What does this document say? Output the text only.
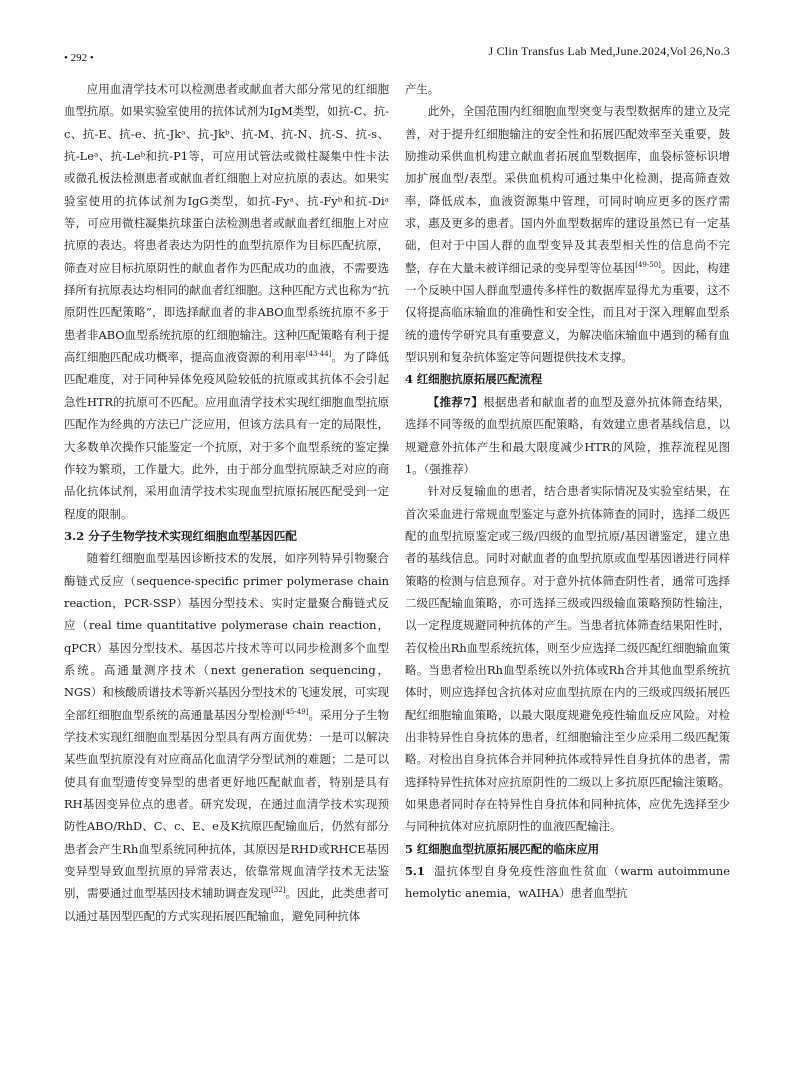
• 292 •	J Clin Transfus Lab Med,June.2024,Vol 26,No.3

应用血清学技术可以检测患者或献血者大部分常见的红细胞血型抗原。如果实验室使用的抗体试剂为IgM类型，如抗-C、抗-c、抗-E、抗-e、抗-Jkᵃ、抗-Jkᵇ、抗-M、抗-N、抗-S、抗-s、抗-Leᵃ、抗-Leᵇ和抗-P1等，可应用试管法或微柱凝集中性卡法或微孔板法检测患者或献血者红细胞上对应抗原的表达。如果实验室使用的抗体试剂为IgG类型，如抗-Fyᵃ、抗-Fyᵇ和抗-Diᵃ等，可应用微柱凝集抗球蛋白法检测患者或献血者红细胞上对应抗原的表达。将患者表达为阴性的血型抗原作为目标匹配抗原，筛查对应目标抗原阴性的献血者作为匹配成功的血液，不需要选择所有抗原表达均相同的献血者红细胞。这种匹配方式也称为“抗原阴性匹配策略”，即选择献血者的非ABO血型系统抗原不多于患者非ABO血型系统抗原的红细胞输注。这种匹配策略有利于提高红细胞匹配成功概率，提高血液资源的利用率[43-44]。为了降低匹配难度，对于同种异体免疫风险较低的抗原或其抗体不会引起急性HTR的抗原可不匹配。应用血清学技术实现红细胞血型抗原匹配作为经典的方法已广泛应用，但该方法具有一定的局限性，大多数单次操作只能鉴定一个抗原，对于多个血型系统的鉴定操作较为繁琐，工作量大。此外，由于部分血型抗原缺乏对应的商品化抗体试剂，采用血清学技术实现血型抗原拓展匹配受到一定程度的限制。

3.2 分子生物学技术实现红细胞血型基因匹配

随着红细胞血型基因诊断技术的发展，如序列特异引物聚合酶链式反应（sequence-specific primer polymerase chain reaction，PCR-SSP）基因分型技术、实时定量聚合酶链式反应（real time quantitative polymerase chain reaction，qPCR）基因分型技术、基因芯片技术等可以同步检测多个血型系统。高通量测序技术（next generation sequencing，NGS）和核酸质谱技术等新兴基因分型技术的飞速发展，可实现全部红细胞血型系统的高通量基因分型检测[45-49]。采用分子生物学技术实现红细胞血型基因分型具有两方面优势：一是可以解决某些血型抗原没有对应商品化血清学分型试剂的难题；二是可以使具有血型遗传变异型的患者更好地匹配献血者，特别是具有RH基因变异位点的患者。研究发现，在通过血清学技术实现预防性ABO/RhD、C、c、E、e及K抗原匹配输血后，仍然有部分患者会产生Rh血型系统同种抗体，其原因是RHD或RHCE基因变异型导致血型抗原的异常表达，依靠常规血清学技术无法鉴别，需要通过血型基因技术辅助调查发现[32]。因此，此类患者可以通过基因型匹配的方式实现拓展匹配输血，避免同种抗体

产生。

此外，全国范围内红细胞血型突变与表型数据库的建立及完善，对于提升红细胞输注的安全性和拓展匹配效率至关重要，鼓励推动采供血机构建立献血者拓展血型数据库，血袋标签标识增加扩展血型/表型。采供血机构可通过集中化检测，提高筛查效率，降低成本，血液资源集中管理，可同时响应更多的医疗需求，惠及更多的患者。国内外血型数据库的建设虽然已有一定基础，但对于中国人群的血型变异及其表型相关性的信息尚不完整，存在大量未被详细记录的变异型等位基因[49-50]。因此，构建一个反映中国人群血型遗传多样性的数据库显得尤为重要，这不仅将提高临床输血的准确性和安全性，而且对于深入理解血型系统的遗传学研究具有重要意义，为解决临床输血中遇到的稀有血型识别和复杂抗体鉴定等问题提供技术支撑。

4 红细胞抗原拓展匹配流程

【推荐7】根据患者和献血者的血型及意外抗体筛查结果，选择不同等级的血型抗原匹配策略，有效建立患者基线信息，以规避意外抗体产生和最大限度减少HTR的风险，推荐流程见图1。（强推荐）

针对反复输血的患者，结合患者实际情况及实验室结果，在首次采血进行常规血型鉴定与意外抗体筛查的同时，选择二级匹配的血型抗原鉴定或三级/四级的血型抗原/基因谱鉴定，建立患者的基线信息。同时对献血者的血型抗原或血型基因谱进行同样策略的检测与信息预存。对于意外抗体筛查阴性者，通常可选择二级匹配输血策略，亦可选择三级或四级输血策略预防性输注，以一定程度规避同种抗体的产生。当患者抗体筛查结果阳性时，若仅检出Rh血型系统抗体，则至少应选择二级匹配红细胞输血策略。当患者检出Rh血型系统以外抗体或Rh合并其他血型系统抗体时，则应选择包含抗体对应血型抗原在内的三级或四级拓展匹配红细胞输血策略，以最大限度规避免疫性输血反应风险。对检出非特异性自身抗体的患者，红细胞输注至少应采用二级匹配策略。对检出自身抗体合并同种抗体或特异性自身抗体的患者，需选择特异性抗体对应抗原阴性的二级以上多抗原匹配输注策略。如果患者同时存在特异性自身抗体和同种抗体，应优先选择至少与同种抗体对应抗原阴性的血液匹配输注。

5 红细胞血型抗原拓展匹配的临床应用

5.1 温抗体型自身免疫性溶血性贫血（warm autoimmune hemolytic anemia，wAIHA）患者血型抗
